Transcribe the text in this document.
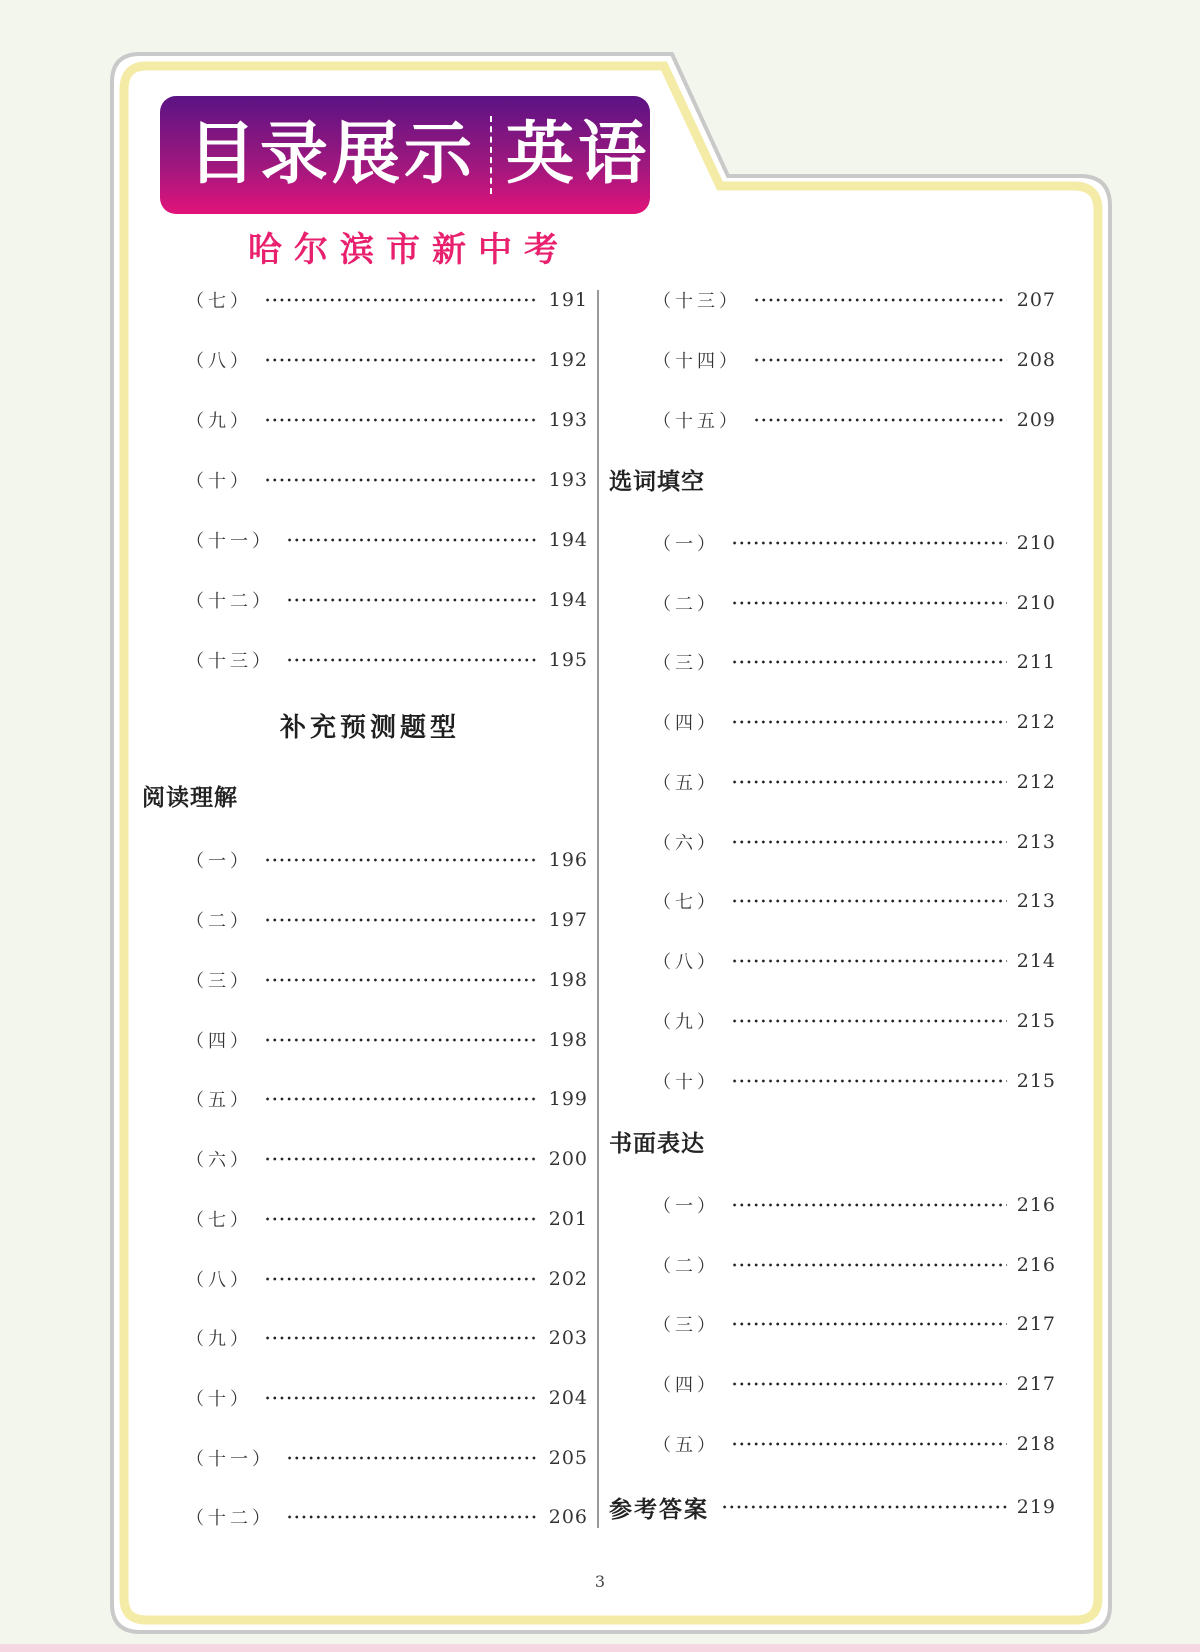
目录展示 英语
哈尔滨市新中考
（七）	191
（八）	192
（九）	193
（十）	193
（十一）	194
（十二）	194
（十三）	195
补充预测题型
阅读理解
（一）	196
（二）	197
（三）	198
（四）	198
（五）	199
（六）	200
（七）	201
（八）	202
（九）	203
（十）	204
（十一）	205
（十二）	206
（十三）	207
（十四）	208
（十五）	209
选词填空
（一）	210
（二）	210
（三）	211
（四）	212
（五）	212
（六）	213
（七）	213
（八）	214
（九）	215
（十）	215
书面表达
（一）	216
（二）	216
（三）	217
（四）	217
（五）	218
参考答案	219
3
